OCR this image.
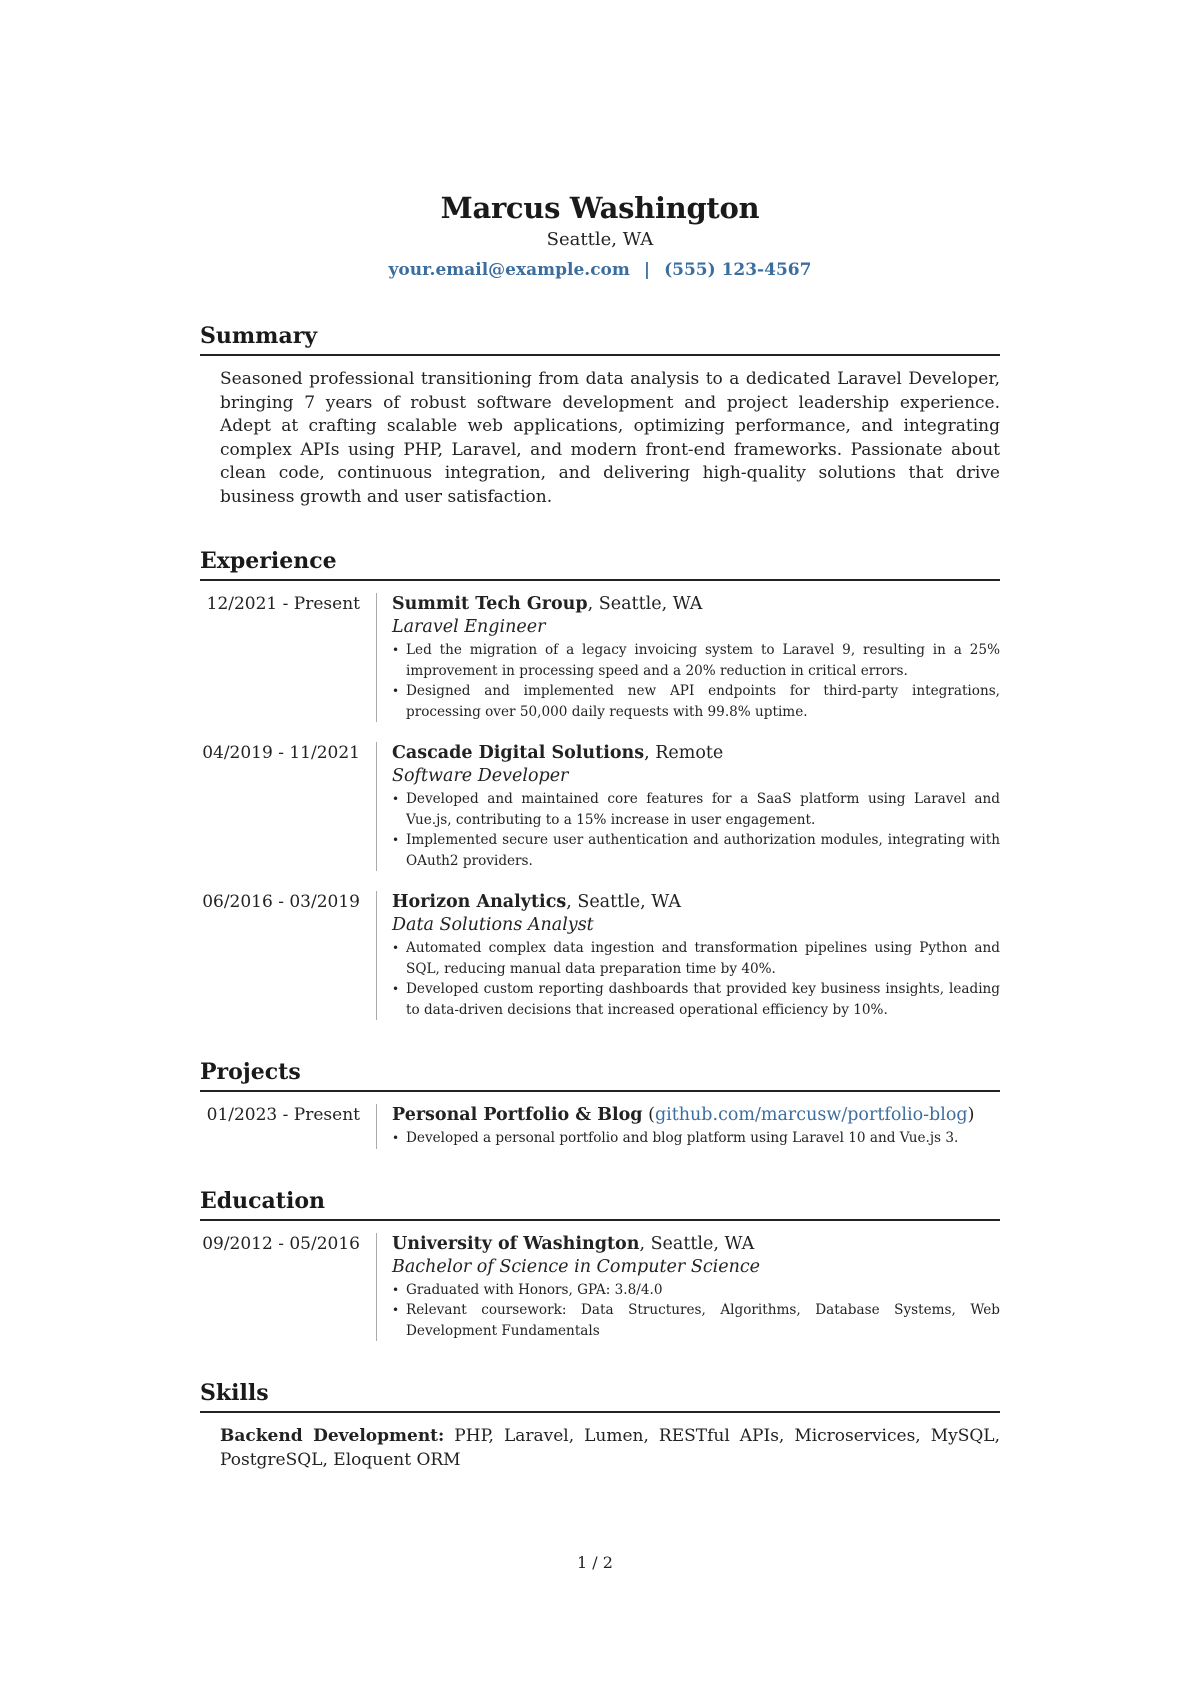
Marcus Washington
Seattle, WA
your.email@example.com | (555) 123-4567
Summary

Seasoned professional transitioning from data analysis to a dedicated Laravel Developer, bringing 7 years of robust software development and project leadership experience. Adept at crafting scalable web applications, optimizing performance, and integrating complex APIs using PHP, Laravel, and modern front-end frameworks. Passionate about clean code, continuous integration, and delivering high-quality solutions that drive business growth and user satisfaction.

Experience
12/2021 - Present	Summit Tech Group, Seattle, WA
Laravel Engineer
• Led the migration of a legacy invoicing system to Laravel 9, resulting in a 25% improvement in processing speed and a 20% reduction in critical errors.
• Designed and implemented new API endpoints for third-party integrations, processing over 50,000 daily requests with 99.8% uptime.
04/2019 - 11/2021	Cascade Digital Solutions, Remote
Software Developer
• Developed and maintained core features for a SaaS platform using Laravel and Vue.js, contributing to a 15% increase in user engagement.
• Implemented secure user authentication and authorization modules, integrating with OAuth2 providers.
06/2016 - 03/2019	Horizon Analytics, Seattle, WA
Data Solutions Analyst
• Automated complex data ingestion and transformation pipelines using Python and SQL, reducing manual data preparation time by 40%.
• Developed custom reporting dashboards that provided key business insights, leading to data-driven decisions that increased operational efficiency by 10%.
Projects
01/2023 - Present	Personal Portfolio & Blog (github.com/marcusw/portfolio-blog)
• Developed a personal portfolio and blog platform using Laravel 10 and Vue.js 3.
Education
09/2012 - 05/2016	University of Washington, Seattle, WA
Bachelor of Science in Computer Science
• Graduated with Honors, GPA: 3.8/4.0
• Relevant coursework: Data Structures, Algorithms, Database Systems, Web Development Fundamentals
Skills

Backend Development: PHP, Laravel, Lumen, RESTful APIs, Microservices, MySQL, PostgreSQL, Eloquent ORM

1 / 2
